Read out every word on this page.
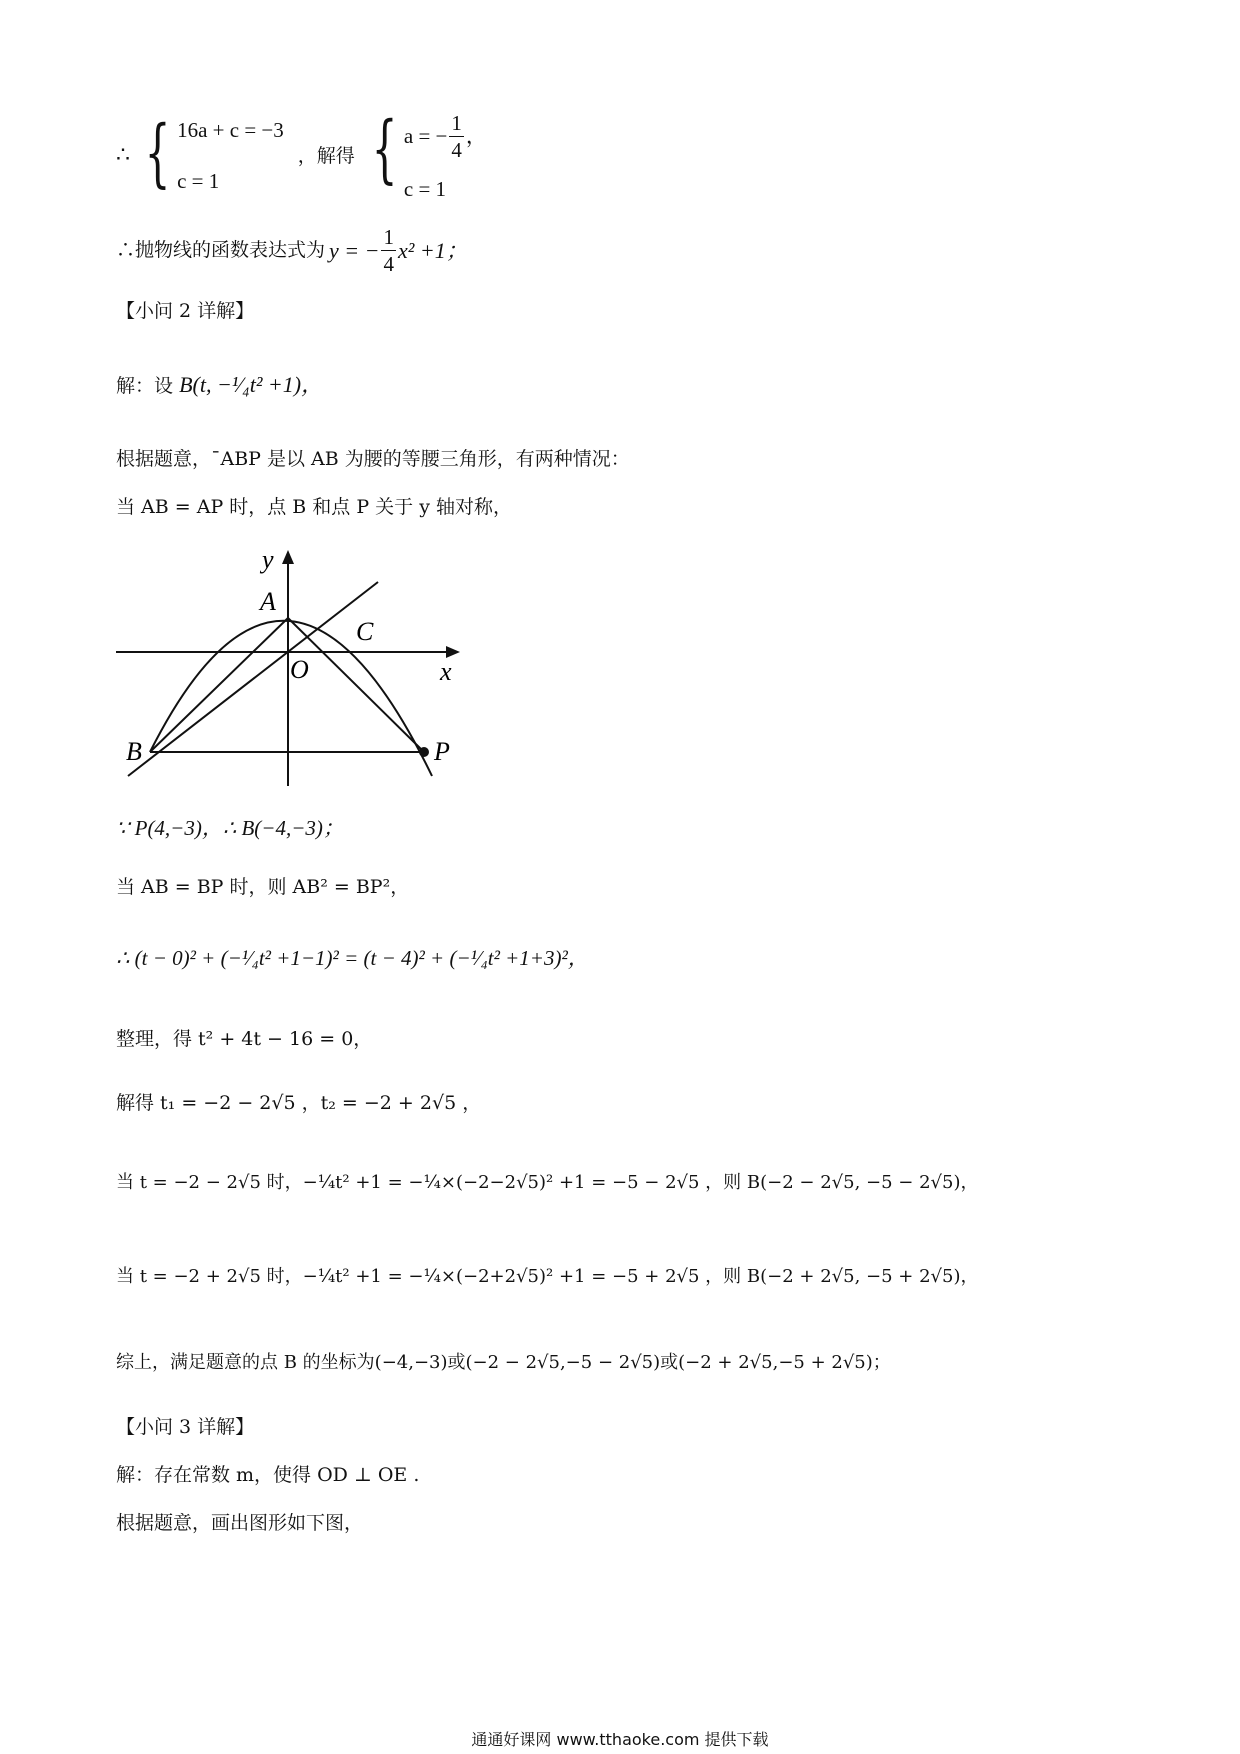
∴ { 16a + c = −3
c = 1
，解得 { a = − $\frac{1}{4}$ ，
c = 1
∴抛物线的函数表达式为 y = − $\frac{1}{4} x^2 +1$；
【小问 2 详解】
解：设 B(t, −¹⁄₄t² +1)，
根据题意，¯ABP 是以 AB 为腰的等腰三角形，有两种情况：
当 AB = AP 时，点 B 和点 P 关于 y 轴对称，
y
A
C
O	x
B	P
∵ P(4,−3)，∴ B(−4,−3)；
当 AB = BP 时，则 AB² = BP²，
∴ (t − 0)² + (−¹⁄₄t² +1−1)² = (t − 4)² + (−¹⁄₄t² +1+3)²，
整理，得 t² + 4t − 16 = 0，
解得 t₁ = −2 − 2√5 ，t₂ = −2 + 2√5 ，
当 t = −2 − 2√5 时，−¹⁄₄t² +1 = −¹⁄₄×(−2−2√5)² +1 = −5 − 2√5 ，则 B(−2 − 2√5, −5 − 2√5)，
当 t = −2 + 2√5 时，−¹⁄₄t² +1 = −¹⁄₄×(−2+2√5)² +1 = −5 + 2√5 ，则 B(−2 + 2√5, −5 + 2√5)，
综上，满足题意的点 B 的坐标为(−4,−3)或(−2 − 2√5,−5 − 2√5)或(−2 + 2√5,−5 + 2√5)；
【小问 3 详解】
解：存在常数 m，使得 OD ⊥ OE .
根据题意，画出图形如下图，
通通好课网 www.tthaoke.com 提供下载
